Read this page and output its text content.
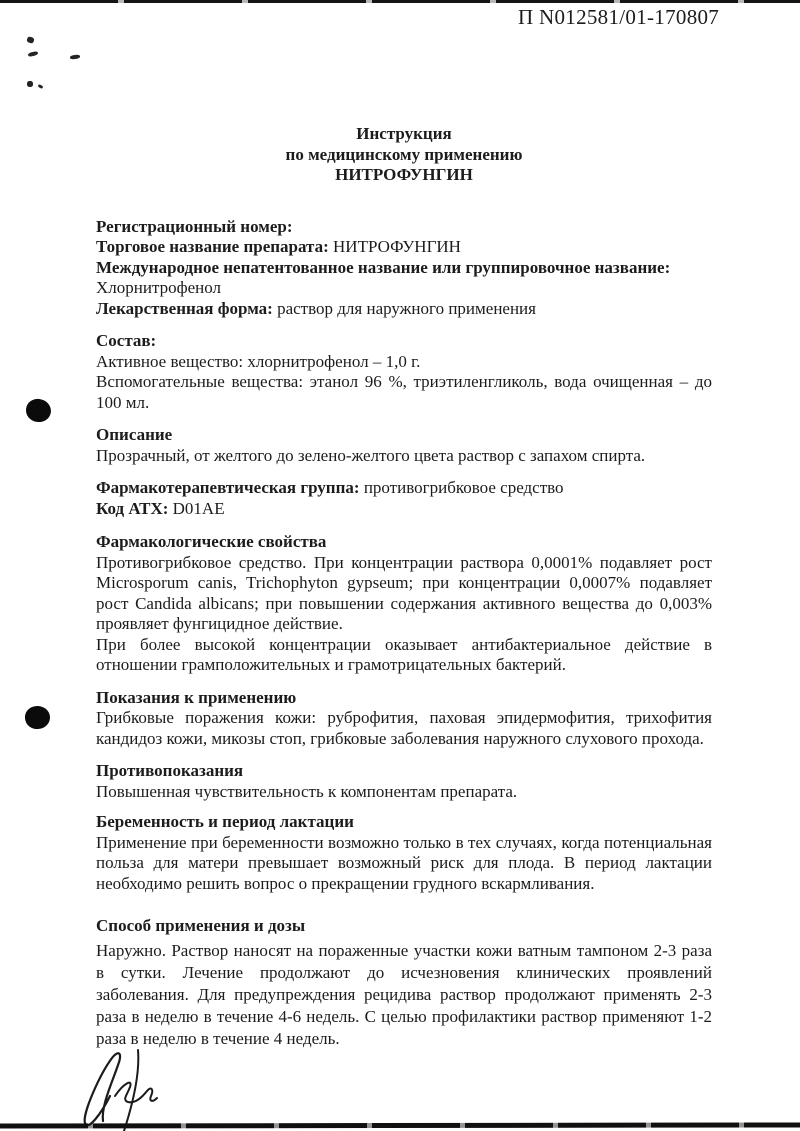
П N012581/01-170807
Инструкция
по медицинскому применению
НИТРОФУНГИН

Регистрационный номер:

Торговое название препарата: НИТРОФУНГИН

Международное непатентованное название или группировочное название:

Хлорнитрофенол

Лекарственная форма: раствор для наружного применения

Состав:

Активное вещество: хлорнитрофенол – 1,0 г.

Вспомогательные вещества: этанол 96 %, триэтиленгликоль, вода очищенная – до 100 мл.

Описание

Прозрачный, от желтого до зелено-желтого цвета раствор с запахом спирта.

Фармакотерапевтическая группа: противогрибковое средство

Код АТХ: D01AE

Фармакологические свойства

Противогрибковое средство. При концентрации раствора 0,0001% подавляет рост Microsporum canis, Trichophyton gypseum; при концентрации 0,0007% подавляет рост Candida albicans; при повышении содержания активного вещества до 0,003% проявляет фунгицидное действие.

При более высокой концентрации оказывает антибактериальное действие в отношении грамположительных и грамотрицательных бактерий.

Показания к применению

Грибковые поражения кожи: руброфития, паховая эпидермофития, трихофития кандидоз кожи, микозы стоп, грибковые заболевания наружного слухового прохода.

Противопоказания

Повышенная чувствительность к компонентам препарата.

Беременность и период лактации

Применение при беременности возможно только в тех случаях, когда потенциальная польза для матери превышает возможный риск для плода. В период лактации необходимо решить вопрос о прекращении грудного вскармливания.

Способ применения и дозы

Наружно. Раствор наносят на пораженные участки кожи ватным тампоном 2-3 раза в сутки. Лечение продолжают до исчезновения клинических проявлений заболевания. Для предупреждения рецидива раствор продолжают применять 2-3 раза в неделю в течение 4-6 недель. С целью профилактики раствор применяют 1-2 раза в неделю в течение 4 недель.
